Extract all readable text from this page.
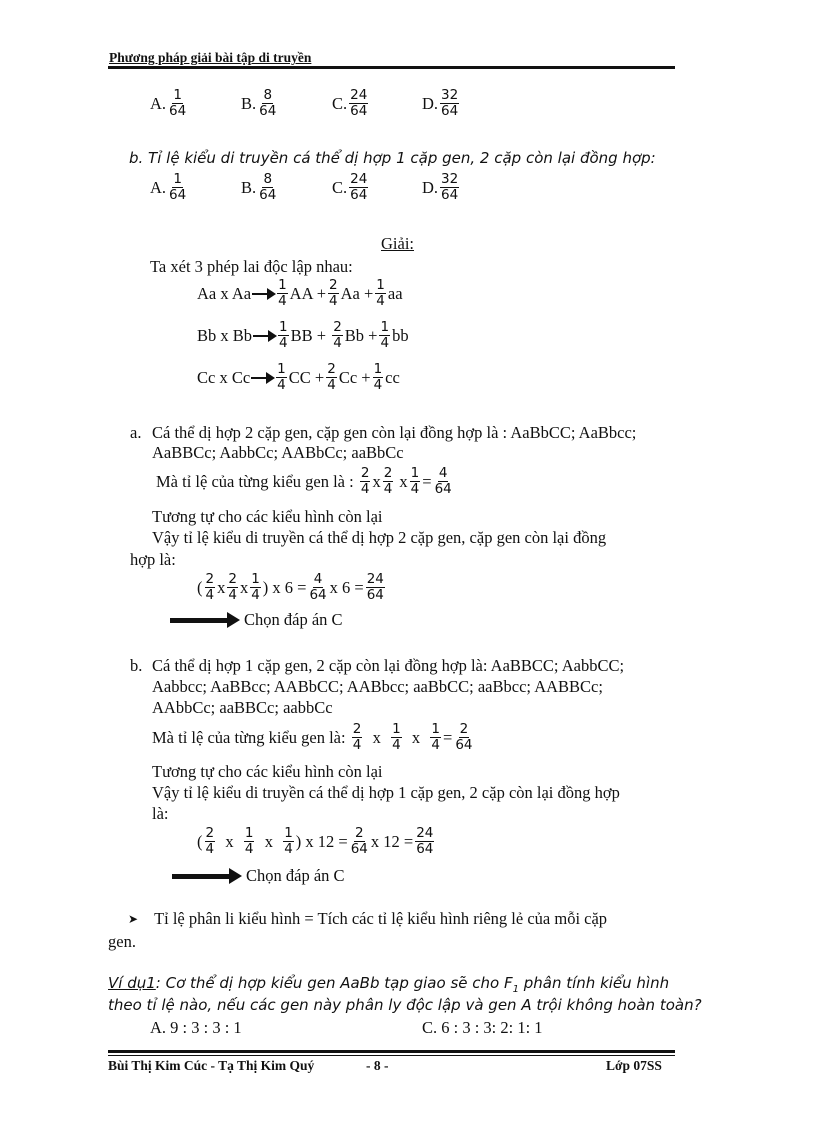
Phương pháp giải bài tập di truyền
A. $\frac{1}{64}$	B. $\frac{8}{64}$	C. $\frac{24}{64}$	D. $\frac{32}{64}$
b. Tỉ lệ kiểu di truyền cá thể dị hợp 1 cặp gen, 2 cặp còn lại đồng hợp:
A. $\frac{1}{64}$	B. $\frac{8}{64}$	C. $\frac{24}{64}$	D. $\frac{32}{64}$
Giải:
Ta xét 3 phép lai độc lập nhau:
Aa x Aa $\frac{1}{4}$ AA + $\frac{2}{4}$ $Aa + \frac{1}{4}$ aa
Bb x Bb $\frac{1}{4}$ BB +
$\frac{2}{4}$ $Bb + \frac{1}{4}$ bb
Cc x Cc $\frac{1}{4}$ CC + $\frac{2}{4}$ $Cc + \frac{1}{4}$ cc
a. Cá thể dị hợp 2 cặp gen, cặp gen còn lại đồng hợp là : AaBbCC; AaBbcc;
AaBBCc; AabbCc; AABbCc; aaBbCc
Mà tỉ lệ của từng kiểu gen là :
$\frac{2}{4}$ x $\frac{2}{4}$
x $\frac{1}{4} = \frac{4}{64}$
Tương tự cho các kiểu hình còn lại
Vậy tỉ lệ kiểu di truyền cá thể dị hợp 2 cặp gen, cặp gen còn lại đồng
hợp là:
( $\frac{2}{4}$ x $\frac{2}{4}$ x $\frac{1}{4}$ )
x $6 = \frac{4}{64}$ x $6 = \frac{24}{64}$
Chọn đáp án C
b. Cá thể dị hợp 1 cặp gen, 2 cặp còn lại đồng hợp là: AaBBCC; AabbCC;
Aabbcc; AaBBcc; AABbCC; AABbcc; aaBbCC; aaBbcc; AABBCc;
AAbbCc; aaBBCc; aabbCc
Mà tỉ lệ của từng kiểu gen là:
$\frac{2}{4}$
x
$\frac{1}{4}$
x
$\frac{1}{4} = \frac{2}{64}$
Tương tự cho các kiểu hình còn lại
Vậy tỉ lệ kiểu di truyền cá thể dị hợp 1 cặp gen, 2 cặp còn lại đồng hợp
là:
( $\frac{2}{4}$
x
$\frac{1}{4}$
x
$\frac{1}{4}$ )
x $12 = \frac{2}{64}$ x $12 = \frac{24}{64}$
Chọn đáp án C
➤ Tỉ lệ phân li kiểu hình = Tích các tỉ lệ kiểu hình riêng lẻ của mỗi cặp
gen.
Ví dụ1: Cơ thể dị hợp kiểu gen AaBb tạp giao sẽ cho $F_1$ phân tính kiểu hình
theo tỉ lệ nào, nếu các gen này phân ly độc lập và gen A trội không hoàn toàn?
A. 9 : 3 : 3 : 1	C. 6 : 3 : 3: 2: 1: 1
Bùi Thị Kim Cúc - Tạ Thị Kim Quý	- 8 -	Lớp 07SS
